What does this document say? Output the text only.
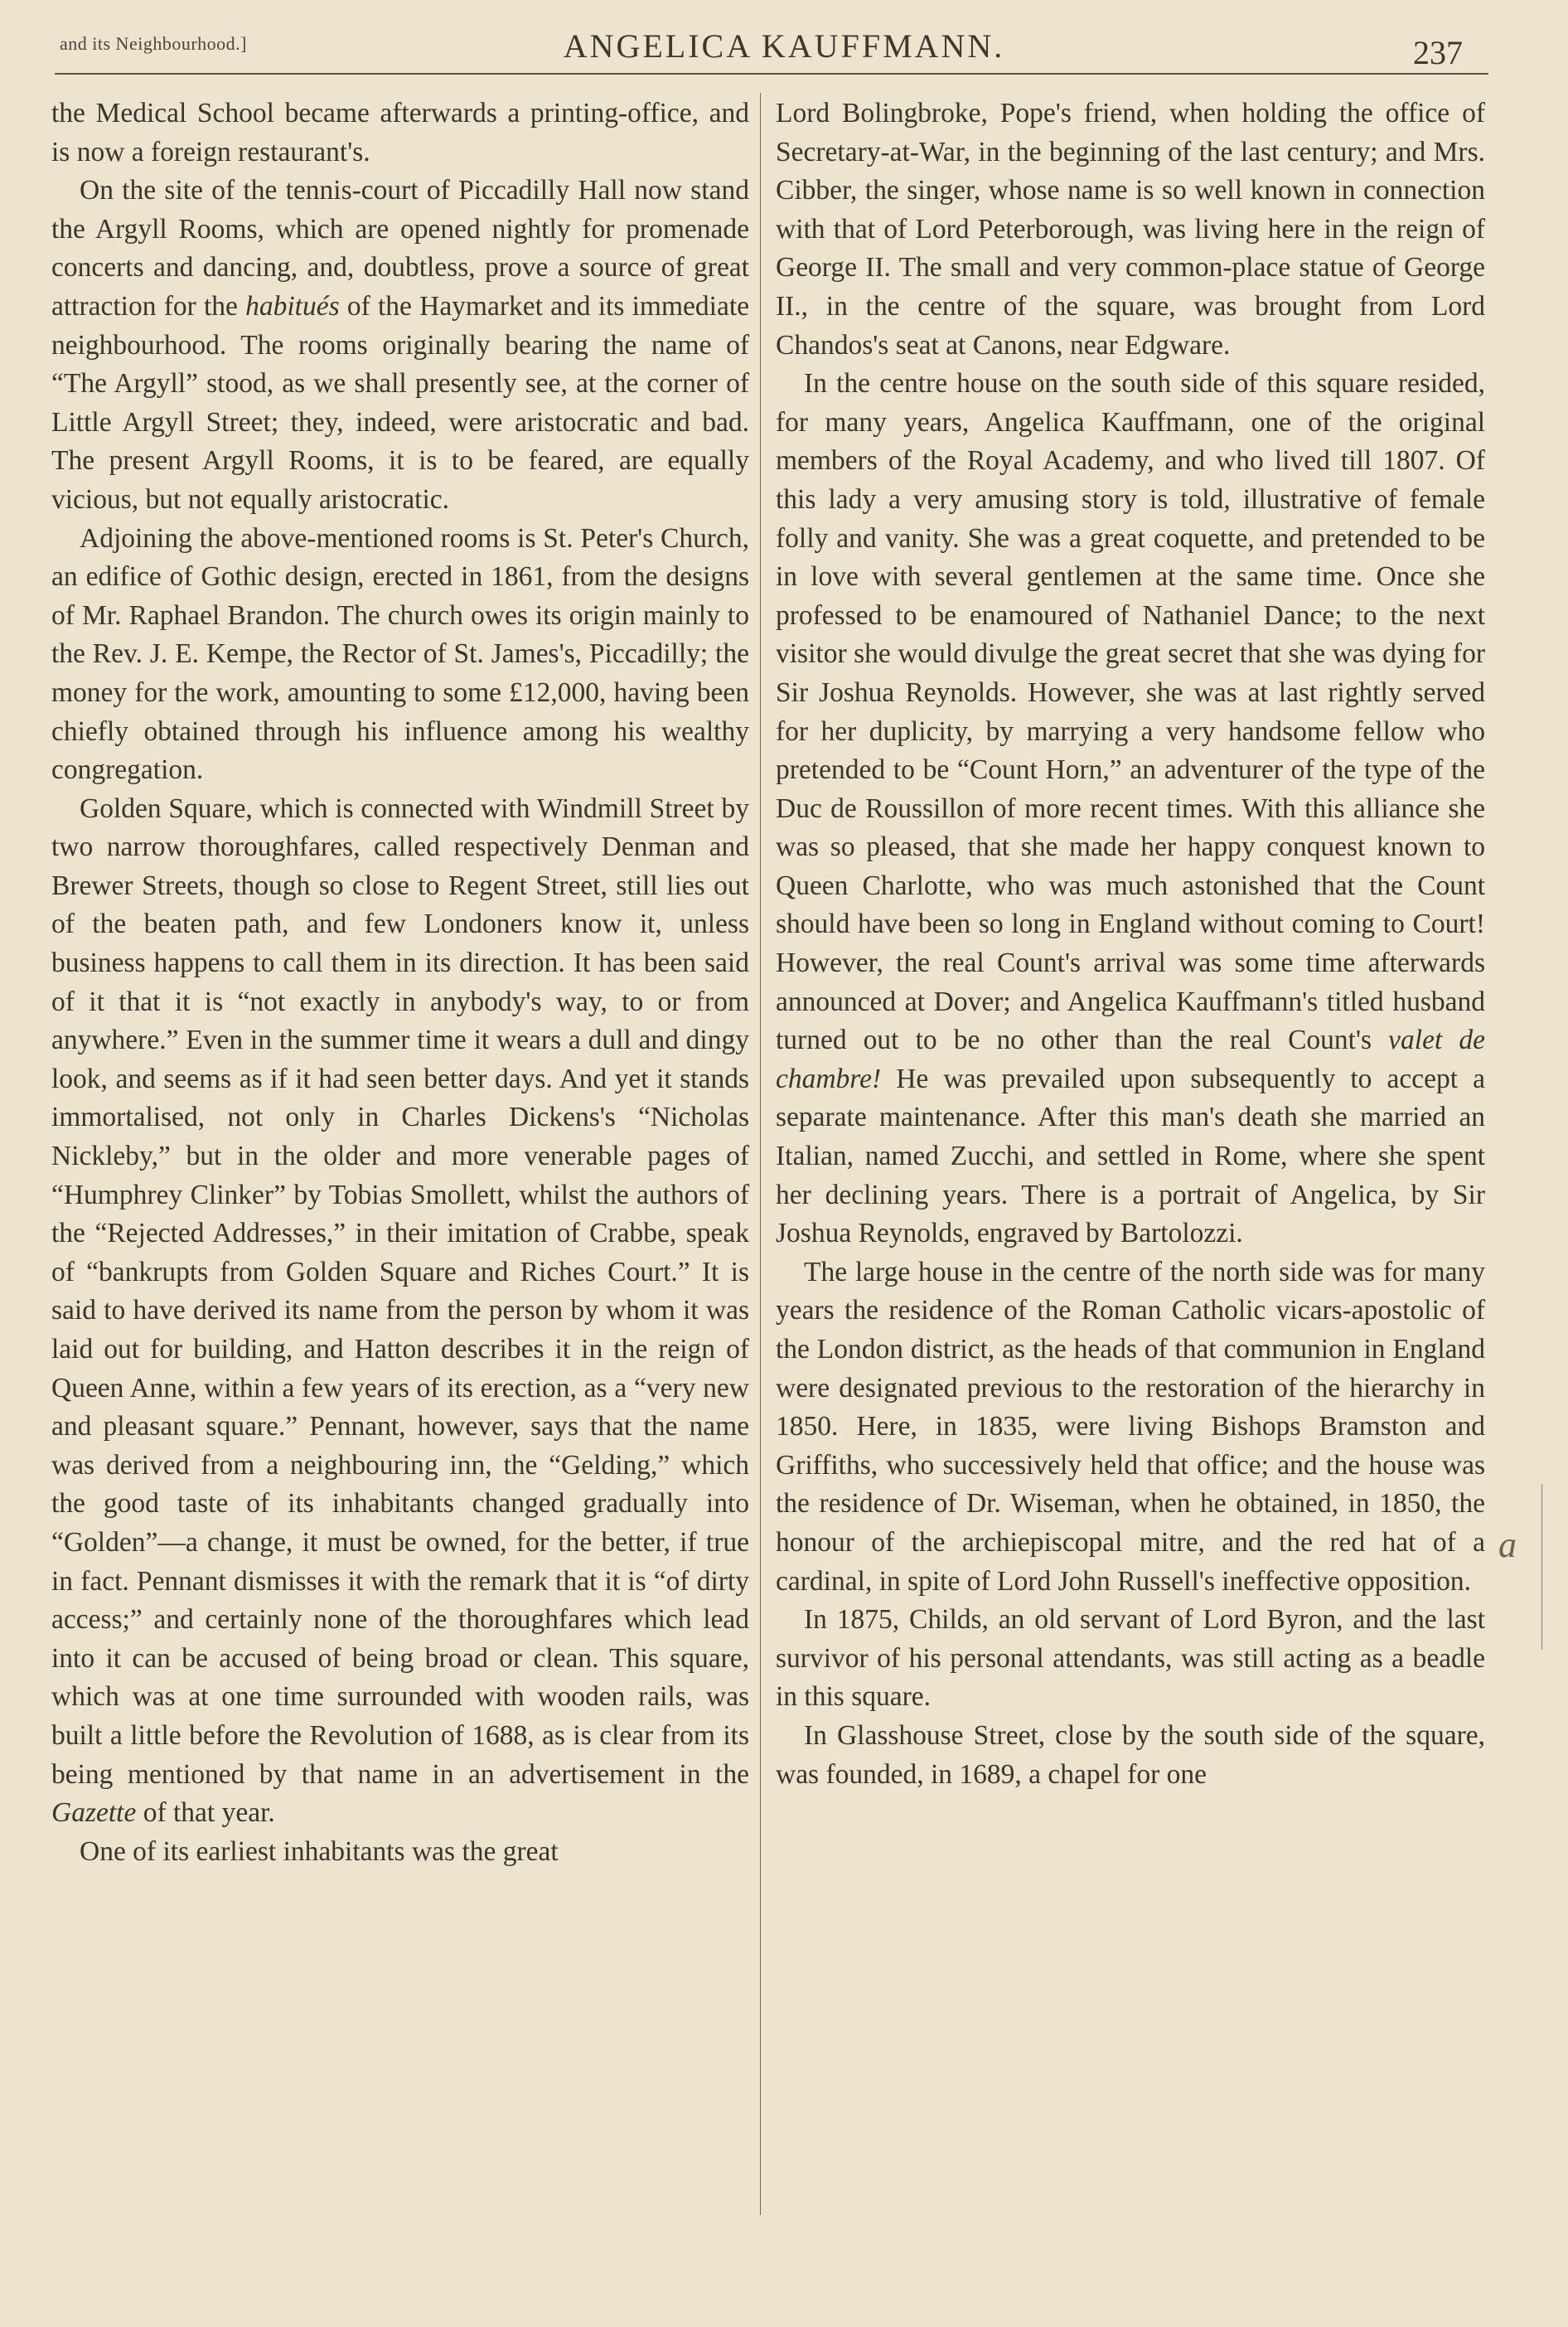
and its Neighbourhood.]	ANGELICA KAUFFMANN.	237

the Medical School became afterwards a printing-office, and is now a foreign restaurant's.

On the site of the tennis-court of Piccadilly Hall now stand the Argyll Rooms, which are opened nightly for promenade concerts and dancing, and, doubtless, prove a source of great attraction for the habitués of the Haymarket and its immediate neighbourhood. The rooms originally bearing the name of “The Argyll” stood, as we shall presently see, at the corner of Little Argyll Street; they, indeed, were aristocratic and bad. The present Argyll Rooms, it is to be feared, are equally vicious, but not equally aristocratic.

Adjoining the above-mentioned rooms is St. Peter's Church, an edifice of Gothic design, erected in 1861, from the designs of Mr. Raphael Brandon. The church owes its origin mainly to the Rev. J. E. Kempe, the Rector of St. James's, Piccadilly; the money for the work, amounting to some £12,000, having been chiefly obtained through his influence among his wealthy congregation.

Golden Square, which is connected with Windmill Street by two narrow thoroughfares, called respectively Denman and Brewer Streets, though so close to Regent Street, still lies out of the beaten path, and few Londoners know it, unless business happens to call them in its direction. It has been said of it that it is “not exactly in anybody's way, to or from anywhere.” Even in the summer time it wears a dull and dingy look, and seems as if it had seen better days. And yet it stands immortalised, not only in Charles Dickens's “Nicholas Nickleby,” but in the older and more venerable pages of “Humphrey Clinker” by Tobias Smollett, whilst the authors of the “Rejected Addresses,” in their imitation of Crabbe, speak of “bankrupts from Golden Square and Riches Court.” It is said to have derived its name from the person by whom it was laid out for building, and Hatton describes it in the reign of Queen Anne, within a few years of its erection, as a “very new and pleasant square.” Pennant, however, says that the name was derived from a neighbouring inn, the “Gelding,” which the good taste of its inhabitants changed gradually into “Golden”—a change, it must be owned, for the better, if true in fact. Pennant dismisses it with the remark that it is “of dirty access;” and certainly none of the thoroughfares which lead into it can be accused of being broad or clean. This square, which was at one time surrounded with wooden rails, was built a little before the Revolution of 1688, as is clear from its being mentioned by that name in an advertisement in the Gazette of that year.

One of its earliest inhabitants was the great

Lord Bolingbroke, Pope's friend, when holding the office of Secretary-at-War, in the beginning of the last century; and Mrs. Cibber, the singer, whose name is so well known in connection with that of Lord Peterborough, was living here in the reign of George II. The small and very common-place statue of George II., in the centre of the square, was brought from Lord Chandos's seat at Canons, near Edgware.

In the centre house on the south side of this square resided, for many years, Angelica Kauffmann, one of the original members of the Royal Academy, and who lived till 1807. Of this lady a very amusing story is told, illustrative of female folly and vanity. She was a great coquette, and pretended to be in love with several gentlemen at the same time. Once she professed to be enamoured of Nathaniel Dance; to the next visitor she would divulge the great secret that she was dying for Sir Joshua Reynolds. However, she was at last rightly served for her duplicity, by marrying a very handsome fellow who pretended to be “Count Horn,” an adventurer of the type of the Duc de Roussillon of more recent times. With this alliance she was so pleased, that she made her happy conquest known to Queen Charlotte, who was much astonished that the Count should have been so long in England without coming to Court! However, the real Count's arrival was some time afterwards announced at Dover; and Angelica Kauffmann's titled husband turned out to be no other than the real Count's valet de chambre! He was prevailed upon subsequently to accept a separate maintenance. After this man's death she married an Italian, named Zucchi, and settled in Rome, where she spent her declining years. There is a portrait of Angelica, by Sir Joshua Reynolds, engraved by Bartolozzi.

The large house in the centre of the north side was for many years the residence of the Roman Catholic vicars-apostolic of the London district, as the heads of that communion in England were designated previous to the restoration of the hierarchy in 1850. Here, in 1835, were living Bishops Bramston and Griffiths, who successively held that office; and the house was the residence of Dr. Wiseman, when he obtained, in 1850, the honour of the archiepiscopal mitre, and the red hat of a cardinal, in spite of Lord John Russell's ineffective opposition.

In 1875, Childs, an old servant of Lord Byron, and the last survivor of his personal attendants, was still acting as a beadle in this square.

In Glasshouse Street, close by the south side of the square, was founded, in 1689, a chapel for one

a
